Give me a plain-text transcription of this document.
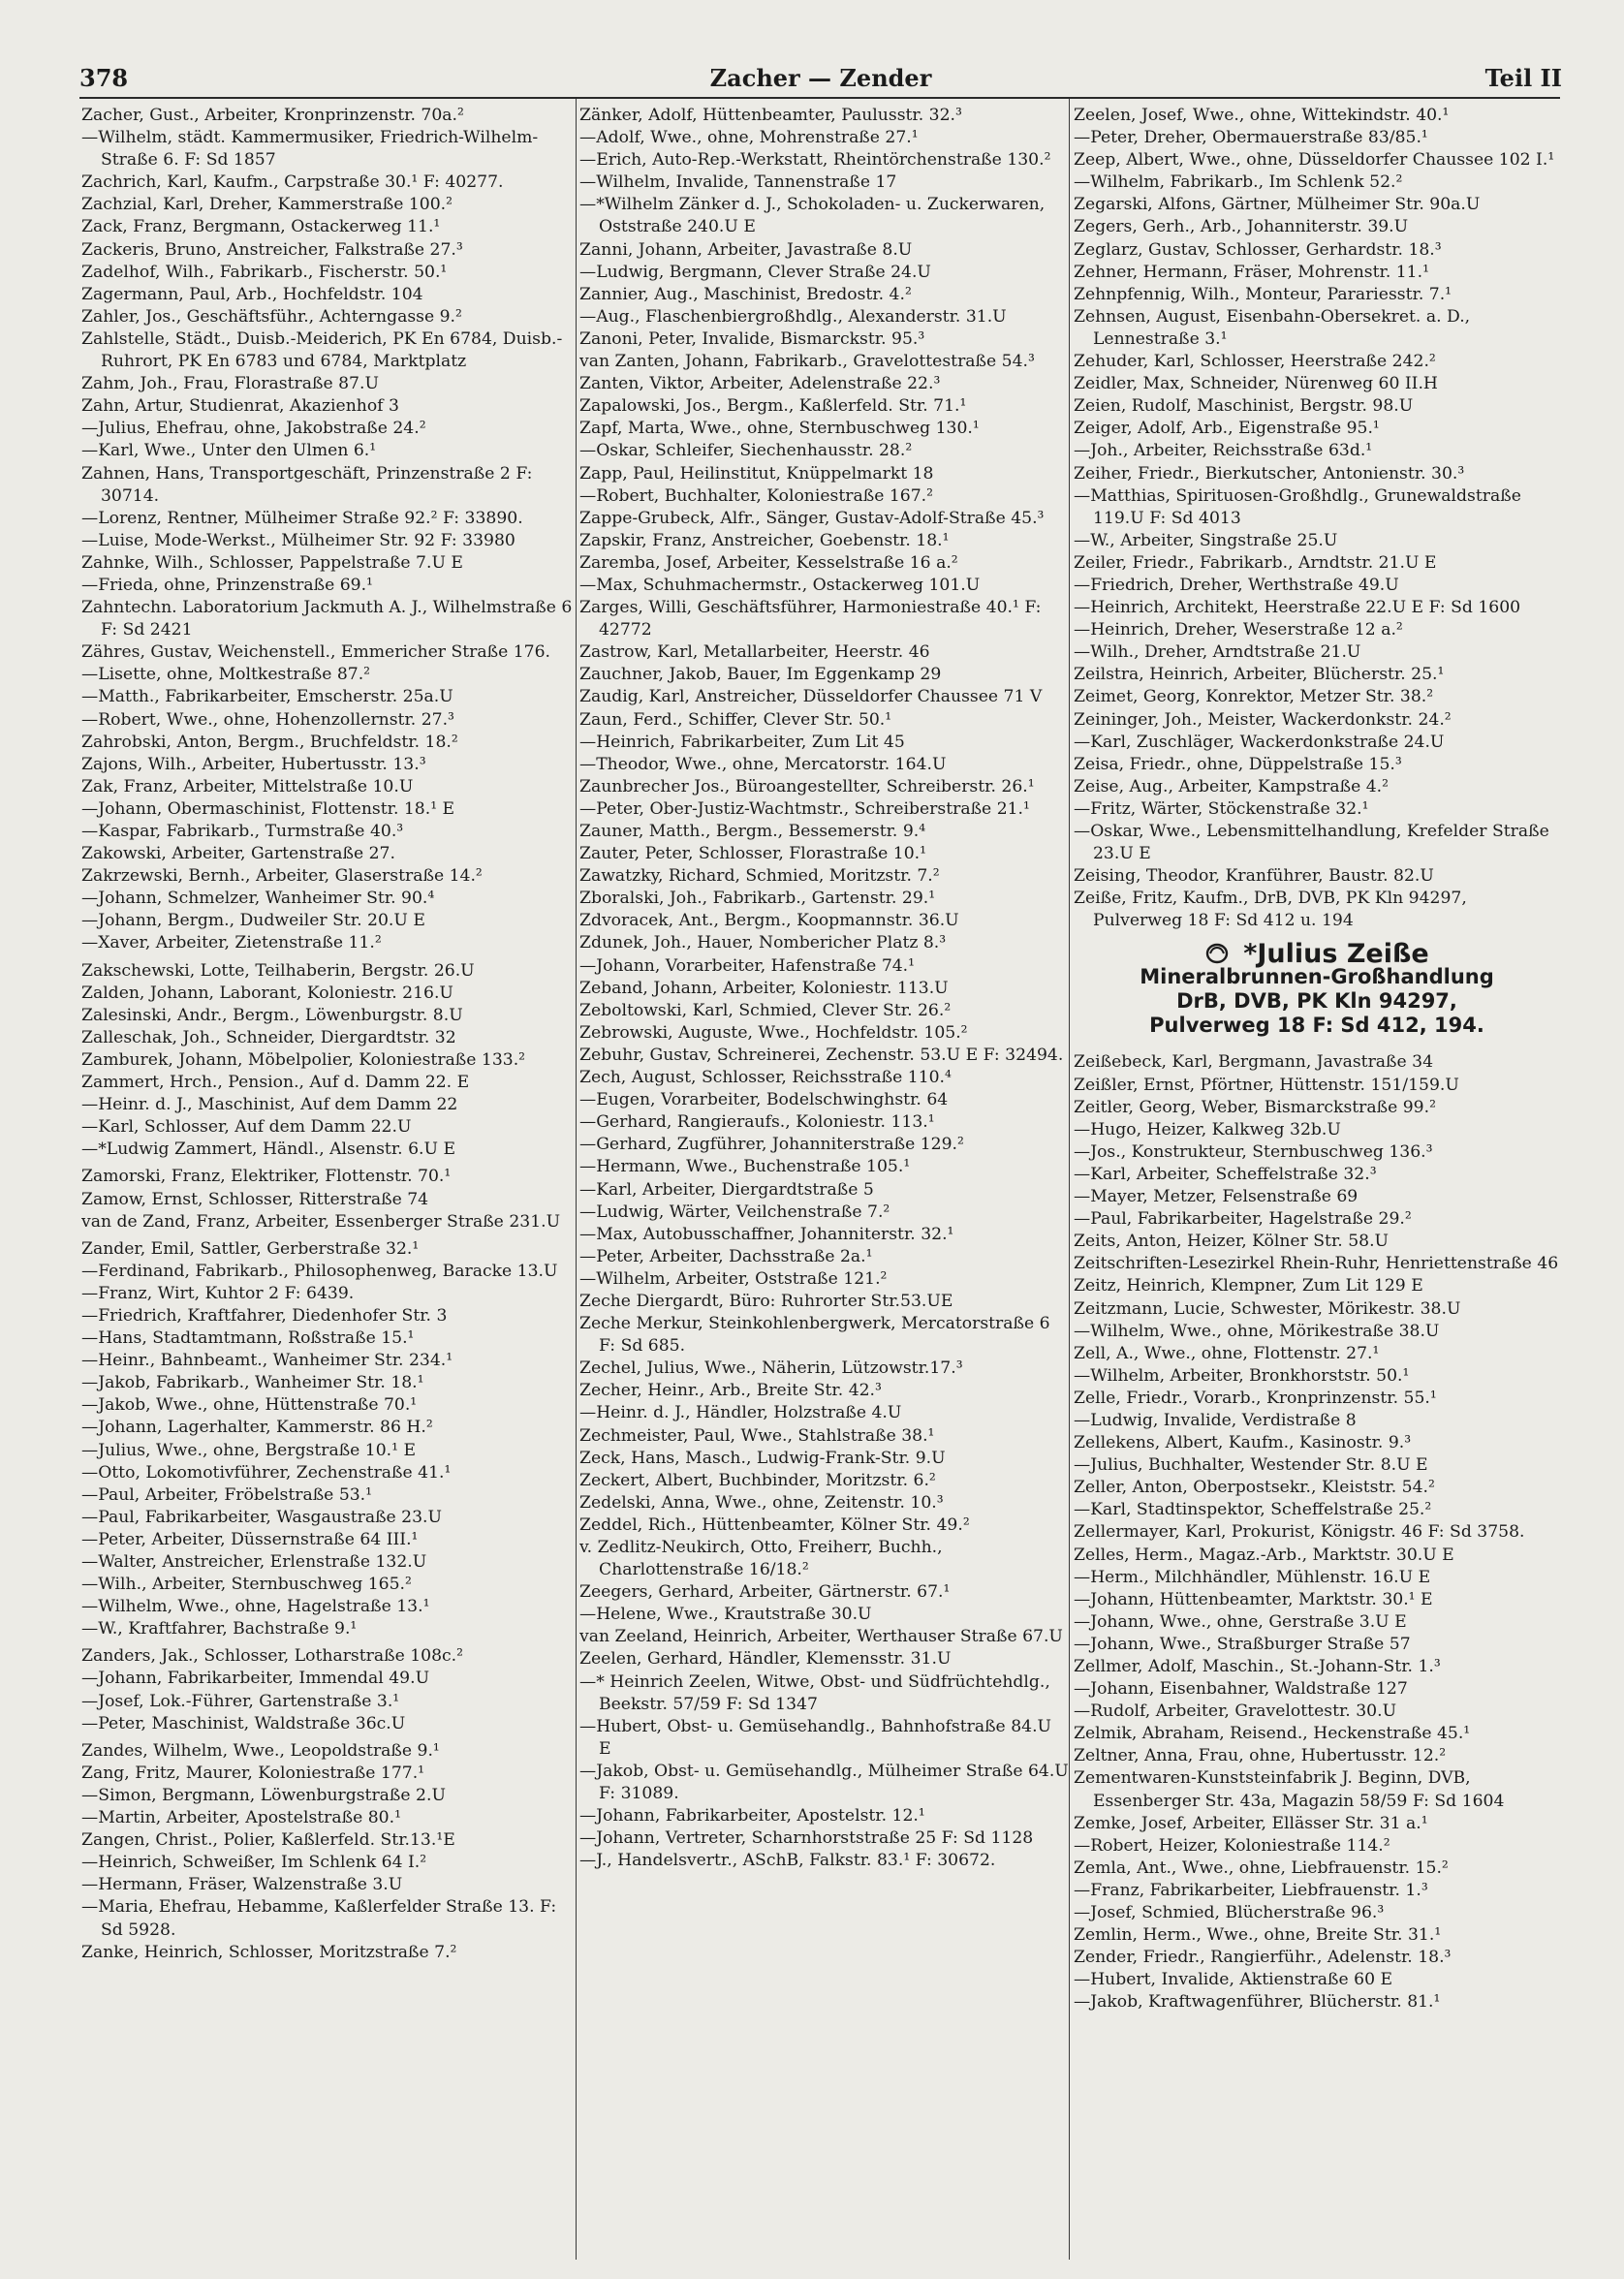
378	Zacher — Zender	Teil II

Zacher, Gust., Arbeiter, Kronprinzenstr. 70a.²

—Wilhelm, städt. Kammermusiker, Friedrich-Wilhelm-Straße 6. F: Sd 1857

Zachrich, Karl, Kaufm., Carpstraße 30.¹ F: 40277.

Zachzial, Karl, Dreher, Kammerstraße 100.²

Zack, Franz, Bergmann, Ostackerweg 11.¹

Zackeris, Bruno, Anstreicher, Falkstraße 27.³

Zadelhof, Wilh., Fabrikarb., Fischerstr. 50.¹

Zagermann, Paul, Arb., Hochfeldstr. 104

Zahler, Jos., Geschäftsführ., Achterngasse 9.²

Zahlstelle, Städt., Duisb.-Meiderich, PK En 6784, Duisb.-Ruhrort, PK En 6783 und 6784, Marktplatz

Zahm, Joh., Frau, Florastraße 87.U

Zahn, Artur, Studienrat, Akazienhof 3

—Julius, Ehefrau, ohne, Jakobstraße 24.²

—Karl, Wwe., Unter den Ulmen 6.¹

Zahnen, Hans, Transportgeschäft, Prinzenstraße 2 F: 30714.

—Lorenz, Rentner, Mülheimer Straße 92.² F: 33890.

—Luise, Mode-Werkst., Mülheimer Str. 92 F: 33980

Zahnke, Wilh., Schlosser, Pappelstraße 7.U E

—Frieda, ohne, Prinzenstraße 69.¹

Zahntechn. Laboratorium Jackmuth A. J., Wilhelmstraße 6 F: Sd 2421

Zähres, Gustav, Weichenstell., Emmericher Straße 176.

—Lisette, ohne, Moltkestraße 87.²

—Matth., Fabrikarbeiter, Emscherstr. 25a.U

—Robert, Wwe., ohne, Hohenzollernstr. 27.³

Zahrobski, Anton, Bergm., Bruchfeldstr. 18.²

Zajons, Wilh., Arbeiter, Hubertusstr. 13.³

Zak, Franz, Arbeiter, Mittelstraße 10.U

—Johann, Obermaschinist, Flottenstr. 18.¹ E

—Kaspar, Fabrikarb., Turmstraße 40.³

Zakowski, Arbeiter, Gartenstraße 27.

Zakrzewski, Bernh., Arbeiter, Glaserstraße 14.²

—Johann, Schmelzer, Wanheimer Str. 90.⁴

—Johann, Bergm., Dudweiler Str. 20.U E

—Xaver, Arbeiter, Zietenstraße 11.²

Zakschewski, Lotte, Teilhaberin, Bergstr. 26.U

Zalden, Johann, Laborant, Koloniestr. 216.U

Zalesinski, Andr., Bergm., Löwenburgstr. 8.U

Zalleschak, Joh., Schneider, Diergardtstr. 32

Zamburek, Johann, Möbelpolier, Koloniestraße 133.²

Zammert, Hrch., Pension., Auf d. Damm 22. E

—Heinr. d. J., Maschinist, Auf dem Damm 22

—Karl, Schlosser, Auf dem Damm 22.U

—*Ludwig Zammert, Händl., Alsenstr. 6.U E

Zamorski, Franz, Elektriker, Flottenstr. 70.¹

Zamow, Ernst, Schlosser, Ritterstraße 74

van de Zand, Franz, Arbeiter, Essenberger Straße 231.U

Zander, Emil, Sattler, Gerberstraße 32.¹

—Ferdinand, Fabrikarb., Philosophenweg, Baracke 13.U

—Franz, Wirt, Kuhtor 2 F: 6439.

—Friedrich, Kraftfahrer, Diedenhofer Str. 3

—Hans, Stadtamtmann, Roßstraße 15.¹

—Heinr., Bahnbeamt., Wanheimer Str. 234.¹

—Jakob, Fabrikarb., Wanheimer Str. 18.¹

—Jakob, Wwe., ohne, Hüttenstraße 70.¹

—Johann, Lagerhalter, Kammerstr. 86 H.²

—Julius, Wwe., ohne, Bergstraße 10.¹ E

—Otto, Lokomotivführer, Zechenstraße 41.¹

—Paul, Arbeiter, Fröbelstraße 53.¹

—Paul, Fabrikarbeiter, Wasgaustraße 23.U

—Peter, Arbeiter, Düssernstraße 64 III.¹

—Walter, Anstreicher, Erlenstraße 132.U

—Wilh., Arbeiter, Sternbuschweg 165.²

—Wilhelm, Wwe., ohne, Hagelstraße 13.¹

—W., Kraftfahrer, Bachstraße 9.¹

Zanders, Jak., Schlosser, Lotharstraße 108c.²

—Johann, Fabrikarbeiter, Immendal 49.U

—Josef, Lok.-Führer, Gartenstraße 3.¹

—Peter, Maschinist, Waldstraße 36c.U

Zandes, Wilhelm, Wwe., Leopoldstraße 9.¹

Zang, Fritz, Maurer, Koloniestraße 177.¹

—Simon, Bergmann, Löwenburgstraße 2.U

—Martin, Arbeiter, Apostelstraße 80.¹

Zangen, Christ., Polier, Kaßlerfeld. Str.13.¹E

—Heinrich, Schweißer, Im Schlenk 64 I.²

—Hermann, Fräser, Walzenstraße 3.U

—Maria, Ehefrau, Hebamme, Kaßlerfelder Straße 13. F: Sd 5928.

Zanke, Heinrich, Schlosser, Moritzstraße 7.²

Zänker, Adolf, Hüttenbeamter, Paulusstr. 32.³

—Adolf, Wwe., ohne, Mohrenstraße 27.¹

—Erich, Auto-Rep.-Werkstatt, Rheintörchenstraße 130.²

—Wilhelm, Invalide, Tannenstraße 17

—*Wilhelm Zänker d. J., Schokoladen- u. Zuckerwaren, Oststraße 240.U E

Zanni, Johann, Arbeiter, Javastraße 8.U

—Ludwig, Bergmann, Clever Straße 24.U

Zannier, Aug., Maschinist, Bredostr. 4.²

—Aug., Flaschenbiergroßhdlg., Alexanderstr. 31.U

Zanoni, Peter, Invalide, Bismarckstr. 95.³

van Zanten, Johann, Fabrikarb., Gravelottestraße 54.³

Zanten, Viktor, Arbeiter, Adelenstraße 22.³

Zapalowski, Jos., Bergm., Kaßlerfeld. Str. 71.¹

Zapf, Marta, Wwe., ohne, Sternbuschweg 130.¹

—Oskar, Schleifer, Siechenhausstr. 28.²

Zapp, Paul, Heilinstitut, Knüppelmarkt 18

—Robert, Buchhalter, Koloniestraße 167.²

Zappe-Grubeck, Alfr., Sänger, Gustav-Adolf-Straße 45.³

Zapskir, Franz, Anstreicher, Goebenstr. 18.¹

Zaremba, Josef, Arbeiter, Kesselstraße 16 a.²

—Max, Schuhmachermstr., Ostackerweg 101.U

Zarges, Willi, Geschäftsführer, Harmoniestraße 40.¹ F: 42772

Zastrow, Karl, Metallarbeiter, Heerstr. 46

Zauchner, Jakob, Bauer, Im Eggenkamp 29

Zaudig, Karl, Anstreicher, Düsseldorfer Chaussee 71 V

Zaun, Ferd., Schiffer, Clever Str. 50.¹

—Heinrich, Fabrikarbeiter, Zum Lit 45

—Theodor, Wwe., ohne, Mercatorstr. 164.U

Zaunbrecher Jos., Büroangestellter, Schreiberstr. 26.¹

—Peter, Ober-Justiz-Wachtmstr., Schreiberstraße 21.¹

Zauner, Matth., Bergm., Bessemerstr. 9.⁴

Zauter, Peter, Schlosser, Florastraße 10.¹

Zawatzky, Richard, Schmied, Moritzstr. 7.²

Zboralski, Joh., Fabrikarb., Gartenstr. 29.¹

Zdvoracek, Ant., Bergm., Koopmannstr. 36.U

Zdunek, Joh., Hauer, Nombericher Platz 8.³

—Johann, Vorarbeiter, Hafenstraße 74.¹

Zeband, Johann, Arbeiter, Koloniestr. 113.U

Zeboltowski, Karl, Schmied, Clever Str. 26.²

Zebrowski, Auguste, Wwe., Hochfeldstr. 105.²

Zebuhr, Gustav, Schreinerei, Zechenstr. 53.U E F: 32494.

Zech, August, Schlosser, Reichsstraße 110.⁴

—Eugen, Vorarbeiter, Bodelschwinghstr. 64

—Gerhard, Rangieraufs., Koloniestr. 113.¹

—Gerhard, Zugführer, Johanniterstraße 129.²

—Hermann, Wwe., Buchenstraße 105.¹

—Karl, Arbeiter, Diergardtstraße 5

—Ludwig, Wärter, Veilchenstraße 7.²

—Max, Autobusschaffner, Johanniterstr. 32.¹

—Peter, Arbeiter, Dachsstraße 2a.¹

—Wilhelm, Arbeiter, Oststraße 121.²

Zeche Diergardt, Büro: Ruhrorter Str.53.UE

Zeche Merkur, Steinkohlenbergwerk, Mercatorstraße 6 F: Sd 685.

Zechel, Julius, Wwe., Näherin, Lützowstr.17.³

Zecher, Heinr., Arb., Breite Str. 42.³

—Heinr. d. J., Händler, Holzstraße 4.U

Zechmeister, Paul, Wwe., Stahlstraße 38.¹

Zeck, Hans, Masch., Ludwig-Frank-Str. 9.U

Zeckert, Albert, Buchbinder, Moritzstr. 6.²

Zedelski, Anna, Wwe., ohne, Zeitenstr. 10.³

Zeddel, Rich., Hüttenbeamter, Kölner Str. 49.²

v. Zedlitz-Neukirch, Otto, Freiherr, Buchh., Charlottenstraße 16/18.²

Zeegers, Gerhard, Arbeiter, Gärtnerstr. 67.¹

—Helene, Wwe., Krautstraße 30.U

van Zeeland, Heinrich, Arbeiter, Werthauser Straße 67.U

Zeelen, Gerhard, Händler, Klemensstr. 31.U

—* Heinrich Zeelen, Witwe, Obst- und Südfrüchtehdlg., Beekstr. 57/59 F: Sd 1347

—Hubert, Obst- u. Gemüsehandlg., Bahnhofstraße 84.U E

—Jakob, Obst- u. Gemüsehandlg., Mülheimer Straße 64.U F: 31089.

—Johann, Fabrikarbeiter, Apostelstr. 12.¹

—Johann, Vertreter, Scharnhorststraße 25 F: Sd 1128

—J., Handelsvertr., ASchB, Falkstr. 83.¹ F: 30672.

Zeelen, Josef, Wwe., ohne, Wittekindstr. 40.¹

—Peter, Dreher, Obermauerstraße 83/85.¹

Zeep, Albert, Wwe., ohne, Düsseldorfer Chaussee 102 I.¹

—Wilhelm, Fabrikarb., Im Schlenk 52.²

Zegarski, Alfons, Gärtner, Mülheimer Str. 90a.U

Zegers, Gerh., Arb., Johanniterstr. 39.U

Zeglarz, Gustav, Schlosser, Gerhardstr. 18.³

Zehner, Hermann, Fräser, Mohrenstr. 11.¹

Zehnpfennig, Wilh., Monteur, Parariesstr. 7.¹

Zehnsen, August, Eisenbahn-Obersekret. a. D., Lennestraße 3.¹

Zehuder, Karl, Schlosser, Heerstraße 242.²

Zeidler, Max, Schneider, Nürenweg 60 II.H

Zeien, Rudolf, Maschinist, Bergstr. 98.U

Zeiger, Adolf, Arb., Eigenstraße 95.¹

—Joh., Arbeiter, Reichsstraße 63d.¹

Zeiher, Friedr., Bierkutscher, Antonienstr. 30.³

—Matthias, Spirituosen-Großhdlg., Grunewaldstraße 119.U F: Sd 4013

—W., Arbeiter, Singstraße 25.U

Zeiler, Friedr., Fabrikarb., Arndtstr. 21.U E

—Friedrich, Dreher, Werthstraße 49.U

—Heinrich, Architekt, Heerstraße 22.U E F: Sd 1600

—Heinrich, Dreher, Weserstraße 12 a.²

—Wilh., Dreher, Arndtstraße 21.U

Zeilstra, Heinrich, Arbeiter, Blücherstr. 25.¹

Zeimet, Georg, Konrektor, Metzer Str. 38.²

Zeininger, Joh., Meister, Wackerdonkstr. 24.²

—Karl, Zuschläger, Wackerdonkstraße 24.U

Zeisa, Friedr., ohne, Düppelstraße 15.³

Zeise, Aug., Arbeiter, Kampstraße 4.²

—Fritz, Wärter, Stöckenstraße 32.¹

—Oskar, Wwe., Lebensmittelhandlung, Krefelder Straße 23.U E

Zeising, Theodor, Kranführer, Baustr. 82.U

Zeiße, Fritz, Kaufm., DrB, DVB, PK Kln 94297, Pulverweg 18 F: Sd 412 u. 194

*Julius Zeiße
Mineralbrunnen-Großhandlung
DrB, DVB, PK Kln 94297,
Pulverweg 18 F: Sd 412, 194.

Zeißebeck, Karl, Bergmann, Javastraße 34

Zeißler, Ernst, Pförtner, Hüttenstr. 151/159.U

Zeitler, Georg, Weber, Bismarckstraße 99.²

—Hugo, Heizer, Kalkweg 32b.U

—Jos., Konstrukteur, Sternbuschweg 136.³

—Karl, Arbeiter, Scheffelstraße 32.³

—Mayer, Metzer, Felsenstraße 69

—Paul, Fabrikarbeiter, Hagelstraße 29.²

Zeits, Anton, Heizer, Kölner Str. 58.U

Zeitschriften-Lesezirkel Rhein-Ruhr, Henriettenstraße 46

Zeitz, Heinrich, Klempner, Zum Lit 129 E

Zeitzmann, Lucie, Schwester, Mörikestr. 38.U

—Wilhelm, Wwe., ohne, Mörikestraße 38.U

Zell, A., Wwe., ohne, Flottenstr. 27.¹

—Wilhelm, Arbeiter, Bronkhorststr. 50.¹

Zelle, Friedr., Vorarb., Kronprinzenstr. 55.¹

—Ludwig, Invalide, Verdistraße 8

Zellekens, Albert, Kaufm., Kasinostr. 9.³

—Julius, Buchhalter, Westender Str. 8.U E

Zeller, Anton, Oberpostsekr., Kleiststr. 54.²

—Karl, Stadtinspektor, Scheffelstraße 25.²

Zellermayer, Karl, Prokurist, Königstr. 46 F: Sd 3758.

Zelles, Herm., Magaz.-Arb., Marktstr. 30.U E

—Herm., Milchhändler, Mühlenstr. 16.U E

—Johann, Hüttenbeamter, Marktstr. 30.¹ E

—Johann, Wwe., ohne, Gerstraße 3.U E

—Johann, Wwe., Straßburger Straße 57

Zellmer, Adolf, Maschin., St.-Johann-Str. 1.³

—Johann, Eisenbahner, Waldstraße 127

—Rudolf, Arbeiter, Gravelottestr. 30.U

Zelmik, Abraham, Reisend., Heckenstraße 45.¹

Zeltner, Anna, Frau, ohne, Hubertusstr. 12.²

Zementwaren-Kunststeinfabrik J. Beginn, DVB, Essenberger Str. 43a, Magazin 58/59 F: Sd 1604

Zemke, Josef, Arbeiter, Ellässer Str. 31 a.¹

—Robert, Heizer, Koloniestraße 114.²

Zemla, Ant., Wwe., ohne, Liebfrauenstr. 15.²

—Franz, Fabrikarbeiter, Liebfrauenstr. 1.³

—Josef, Schmied, Blücherstraße 96.³

Zemlin, Herm., Wwe., ohne, Breite Str. 31.¹

Zender, Friedr., Rangierführ., Adelenstr. 18.³

—Hubert, Invalide, Aktienstraße 60 E

—Jakob, Kraftwagenführer, Blücherstr. 81.¹
